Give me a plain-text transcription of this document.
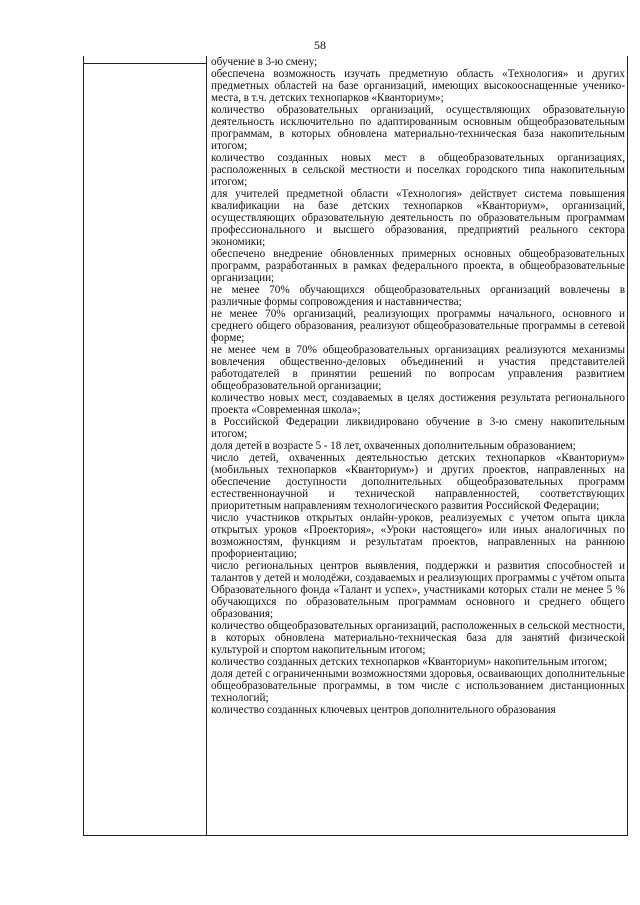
58

обучение в 3-ю смену;

обеспечена возможность изучать предметную область «Технология» и других предметных областей на базе организаций, имеющих высокооснащенные ученико-места, в т.ч. детских технопарков «Кванториум»;

количество образовательных организаций, осуществляющих образовательную деятельность исключительно по адаптированным основным общеобразовательным программам, в которых обновлена материально-техническая база накопительным итогом;

количество созданных новых мест в общеобразовательных организациях, расположенных в сельской местности и поселках городского типа накопительным итогом;

для учителей предметной области «Технология» действует система повышения квалификации на базе детских технопарков «Кванториум», организаций, осуществляющих образовательную деятельность по образовательным программам профессионального и высшего образования, предприятий реального сектора экономики;

обеспечено внедрение обновленных примерных основных общеобразовательных программ, разработанных в рамках федерального проекта, в общеобразовательные организации;

не менее 70% обучающихся общеобразовательных организаций вовлечены в различные формы сопровождения и наставничества;

не менее 70% организаций, реализующих программы начального, основного и среднего общего образования, реализуют общеобразовательные программы в сетевой форме;

не менее чем в 70% общеобразовательных организациях реализуются механизмы вовлечения общественно-деловых объединений и участия представителей работодателей в принятии решений по вопросам управления развитием общеобразовательной организации;

количество новых мест, создаваемых в целях достижения результата регионального проекта «Современная школа»;

в Российской Федерации ликвидировано обучение в 3-ю смену накопительным итогом;

доля детей в возрасте 5 - 18 лет, охваченных дополнительным образованием;

число детей, охваченных деятельностью детских технопарков «Кванториум» (мобильных технопарков «Кванториум») и других проектов, направленных на обеспечение доступности дополнительных общеобразовательных программ естественнонаучной и технической направленностей, соответствующих приоритетным направлениям технологического развития Российской Федерации;

число участников открытых онлайн-уроков, реализуемых с учетом опыта цикла открытых уроков «Проектория», «Уроки настоящего» или иных аналогичных по возможностям, функциям и результатам проектов, направленных на раннюю профориентацию;

число региональных центров выявления, поддержки и развития способностей и талантов у детей и молодёжи, создаваемых и реализующих программы с учётом опыта Образовательного фонда «Талант и успех», участниками которых стали не менее 5 % обучающихся по образовательным программам основного и среднего общего образования;

количество общеобразовательных организаций, расположенных в сельской местности, в которых обновлена материально-техническая база для занятий физической культурой и спортом накопительным итогом;

количество созданных детских технопарков «Кванториум» накопительным итогом;

доля детей с ограниченными возможностями здоровья, осваивающих дополнительные общеобразовательные программы, в том числе с использованием дистанционных технологий;

количество созданных ключевых центров дополнительного образования
